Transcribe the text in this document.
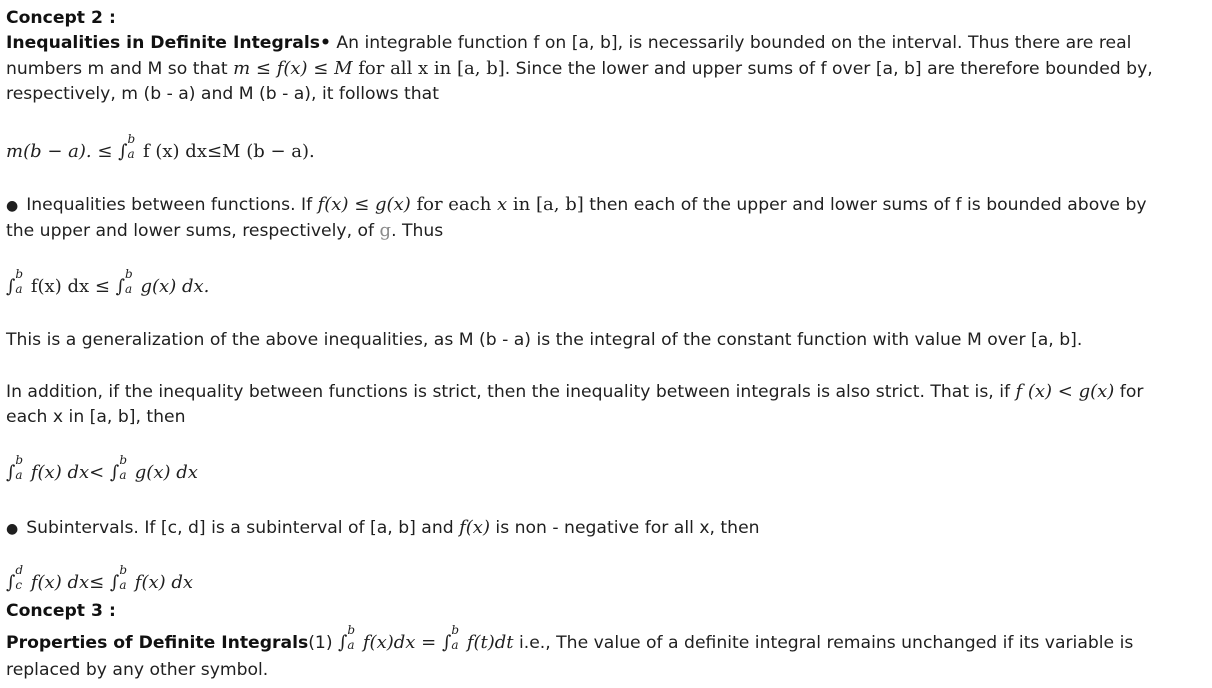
Concept 2 :
Inequalities in Definite Integrals• An integrable function f on [a, b], is necessarily bounded on the interval. Thus there are real
numbers m and M so that m ≤ f(x) ≤ M for all x in [a, b]. Since the lower and upper sums of f over [a, b] are therefore bounded by,
respectively, m (b - a) and M (b - a), it follows that
m(b − a). ≤ ∫
b
a f (x) dx≤M (b − a).
● Inequalities between functions. If f(x) ≤ g(x) for each x in [a, b] then each of the upper and lower sums of f is bounded above by
the upper and lower sums, respectively, of g. Thus
∫
b
a f(x) dx ≤ ∫
b
a g(x) dx.
This is a generalization of the above inequalities, as M (b - a) is the integral of the constant function with value M over [a, b].
In addition, if the inequality between functions is strict, then the inequality between integrals is also strict. That is, if f (x) < g(x) for
each x in [a, b], then
∫
b
a f(x) dx< ∫
b
a g(x) dx
● Subintervals. If [c, d] is a subinterval of [a, b] and f(x) is non - negative for all x, then
∫
d
c f(x) dx≤ ∫
b
a f(x) dx
Concept 3 :
Properties of Definite Integrals(1) ∫
b
a f(x)dx = ∫
b
a f(t)dt i.e., The value of a definite integral remains unchanged if its variable is
replaced by any other symbol.
